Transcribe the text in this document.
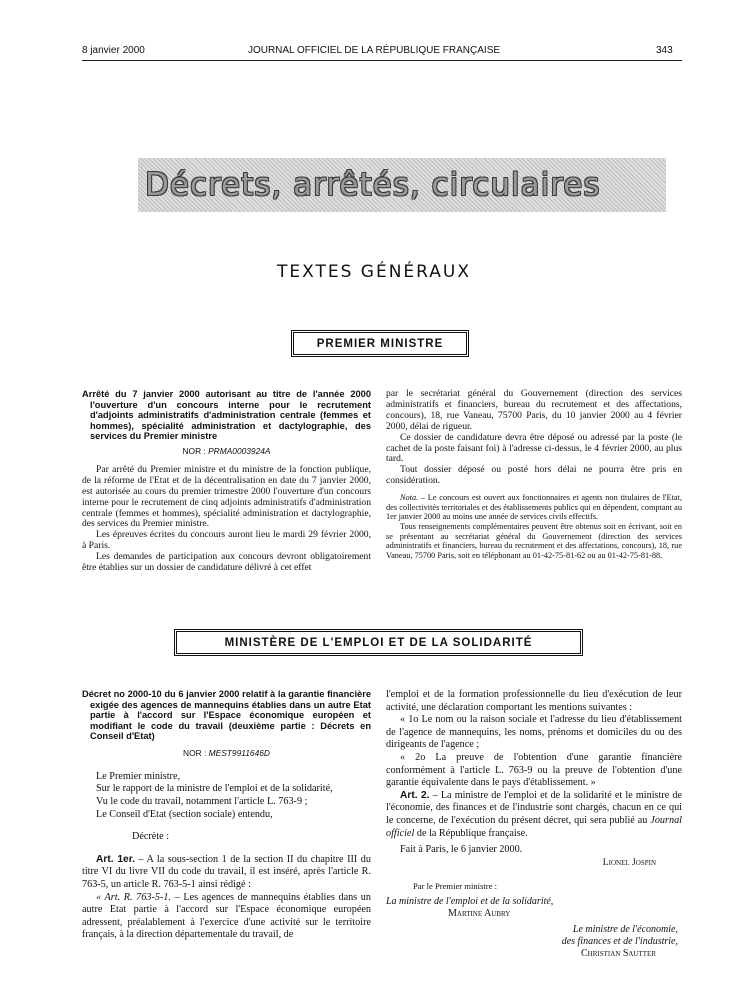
8 janvier 2000	JOURNAL OFFICIEL DE LA RÉPUBLIQUE FRANÇAISE	343
Décrets, arrêtés, circulaires
TEXTES GÉNÉRAUX
PREMIER MINISTRE
Arrêté du 7 janvier 2000 autorisant au titre de l'année 2000 l'ouverture d'un concours interne pour le recrutement d'adjoints administratifs d'administration centrale (femmes et hommes), spécialité administration et dactylographie, des services du Premier ministre
NOR : PRMA0003924A

Par arrêté du Premier ministre et du ministre de la fonction publique, de la réforme de l'Etat et de la décentralisation en date du 7 janvier 2000, est autorisée au cours du premier trimestre 2000 l'ouverture d'un concours interne pour le recrutement de cinq adjoints administratifs d'administration centrale (femmes et hommes), spécialité administration et dactylographie, des services du Premier ministre.

Les épreuves écrites du concours auront lieu le mardi 29 février 2000, à Paris.

Les demandes de participation aux concours devront obligatoirement être établies sur un dossier de candidature délivré à cet effet

par le secrétariat général du Gouvernement (direction des services administratifs et financiers, bureau du recrutement et des affectations, concours), 18, rue Vaneau, 75700 Paris, du 10 janvier 2000 au 4 février 2000, délai de rigueur.

Ce dossier de candidature devra être déposé ou adressé par la poste (le cachet de la poste faisant foi) à l'adresse ci-dessus, le 4 février 2000, au plus tard.

Tout dossier déposé ou posté hors délai ne pourra être pris en considération.

Nota. – Le concours est ouvert aux fonctionnaires et agents non titulaires de l'Etat, des collectivités territoriales et des établissements publics qui en dépendent, comptant au 1er janvier 2000 au moins une année de services civils effectifs.

Tous renseignements complémentaires peuvent être obtenus soit en écrivant, soit en se présentant au secrétariat général du Gouvernement (direction des services administratifs et financiers, bureau du recrutement et des affectations, concours), 18, rue Vaneau, 75700 Paris, soit en téléphonant au 01-42-75-81-62 ou au 01-42-75-81-88.

MINISTÈRE DE L'EMPLOI ET DE LA SOLIDARITÉ
Décret no 2000-10 du 6 janvier 2000 relatif à la garantie financière exigée des agences de mannequins établies dans un autre Etat partie à l'accord sur l'Espace économique européen et modifiant le code du travail (deuxième partie : Décrets en Conseil d'Etat)
NOR : MEST9911646D

Le Premier ministre,

Sur le rapport de la ministre de l'emploi et de la solidarité,

Vu le code du travail, notamment l'article L. 763-9 ;

Le Conseil d'Etat (section sociale) entendu,

Décrète :

Art. 1er. – A la sous-section 1 de la section II du chapitre III du titre VI du livre VII du code du travail, il est inséré, après l'article R. 763-5, un article R. 763-5-1 ainsi rédigé :

« Art. R. 763-5-1. – Les agences de mannequins établies dans un autre Etat partie à l'accord sur l'Espace économique européen adressent, préalablement à l'exercice d'une activité sur le territoire français, à la direction départementale du travail, de

l'emploi et de la formation professionnelle du lieu d'exécution de leur activité, une déclaration comportant les mentions suivantes :

« 1o Le nom ou la raison sociale et l'adresse du lieu d'établissement de l'agence de mannequins, les noms, prénoms et domiciles du ou des dirigeants de l'agence ;

« 2o La preuve de l'obtention d'une garantie financière conformément à l'article L. 763-9 ou la preuve de l'obtention d'une garantie équivalente dans le pays d'établissement. »

Art. 2. – La ministre de l'emploi et de la solidarité et le ministre de l'économie, des finances et de l'industrie sont chargés, chacun en ce qui le concerne, de l'exécution du présent décret, qui sera publié au Journal officiel de la République française.

Fait à Paris, le 6 janvier 2000.

Lionel Jospin

Par le Premier ministre :
La ministre de l'emploi et de la solidarité,
Martine Aubry
Le ministre de l'économie,
des finances et de l'industrie,
Christian Sautter
